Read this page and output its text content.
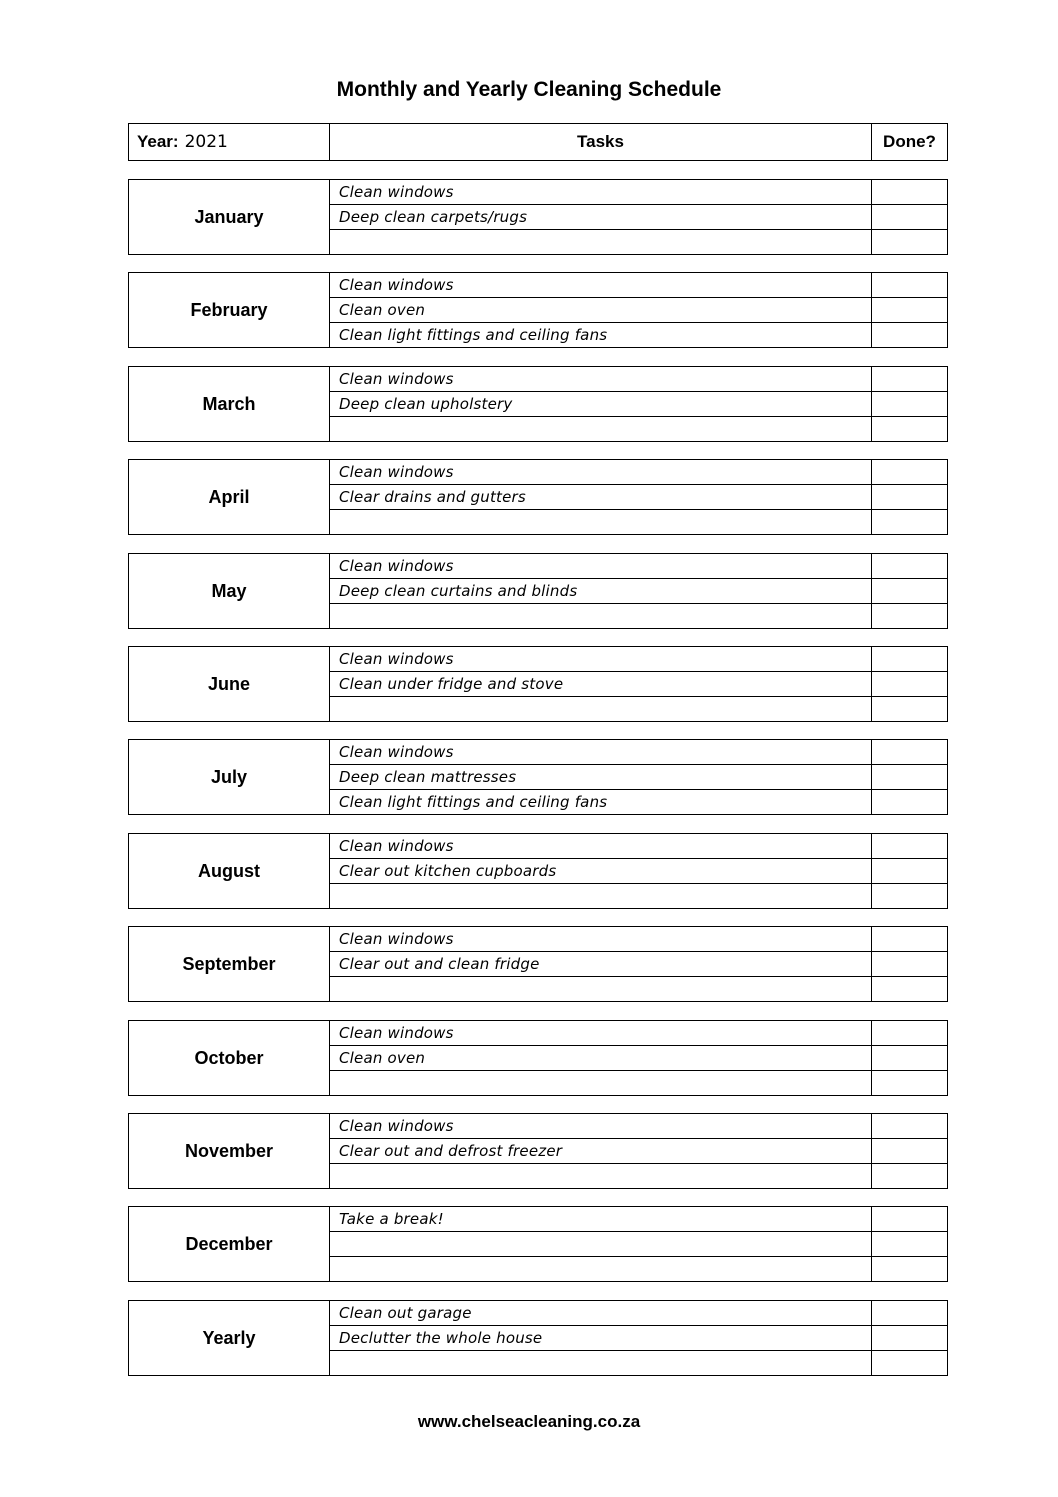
Monthly and Yearly Cleaning Schedule
Year: 2021	Tasks	Done?
January
Clean windows
Deep clean carpets/rugs
February
Clean windows
Clean oven
Clean light fittings and ceiling fans
March
Clean windows
Deep clean upholstery
April
Clean windows
Clear drains and gutters
May
Clean windows
Deep clean curtains and blinds
June
Clean windows
Clean under fridge and stove
July
Clean windows
Deep clean mattresses
Clean light fittings and ceiling fans
August
Clean windows
Clear out kitchen cupboards
September
Clean windows
Clear out and clean fridge
October
Clean windows
Clean oven
November
Clean windows
Clear out and defrost freezer
December
Take a break!
Yearly
Clean out garage
Declutter the whole house
www.chelseacleaning.co.za
